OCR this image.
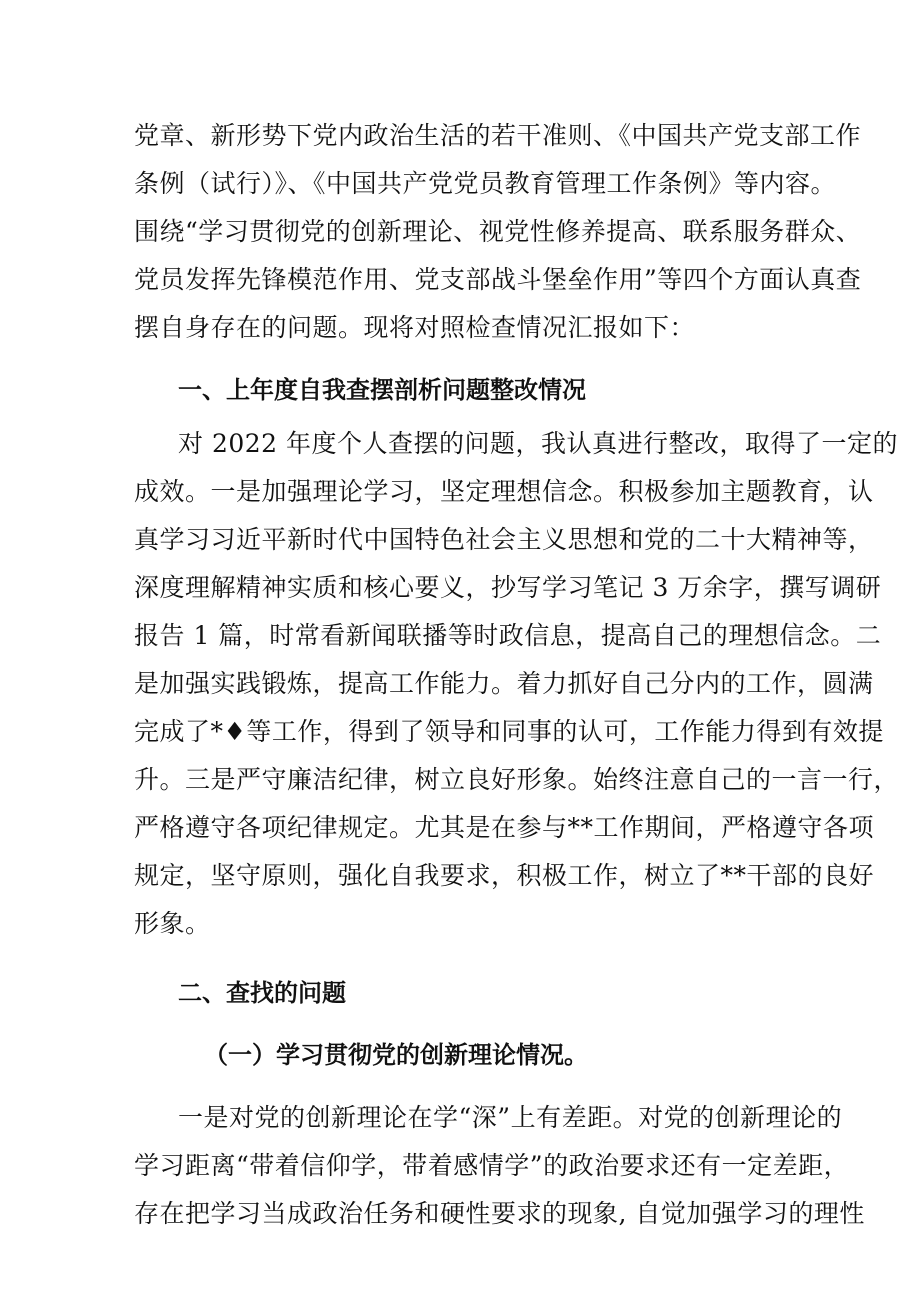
党章、新形势下党内政治生活的若干准则、《中国共产党支部工作
条例（试行）》、《中国共产党党员教育管理工作条例》等内容。
围绕“学习贯彻党的创新理论、视党性修养提高、联系服务群众、
党员发挥先锋模范作用、党支部战斗堡垒作用”等四个方面认真查
摆自身存在的问题。现将对照检查情况汇报如下：
一、上年度自我查摆剖析问题整改情况
对 2022 年度个人查摆的问题，我认真进行整改，取得了一定的
成效。一是加强理论学习，坚定理想信念。积极参加主题教育，认
真学习习近平新时代中国特色社会主义思想和党的二十大精神等，
深度理解精神实质和核心要义，抄写学习笔记 3 万余字，撰写调研
报告 1 篇，时常看新闻联播等时政信息，提高自己的理想信念。二
是加强实践锻炼，提高工作能力。着力抓好自己分内的工作，圆满
完成了*♦等工作，得到了领导和同事的认可，工作能力得到有效提
升。三是严守廉洁纪律，树立良好形象。始终注意自己的一言一行，
严格遵守各项纪律规定。尤其是在参与**工作期间，严格遵守各项
规定，坚守原则，强化自我要求，积极工作，树立了**干部的良好
形象。
二、查找的问题
（一）学习贯彻党的创新理论情况。
一是对党的创新理论在学“深”上有差距。对党的创新理论的
学习距离“带着信仰学，带着感情学”的政治要求还有一定差距，
存在把学习当成政治任务和硬性要求的现象, 自觉加强学习的理性
